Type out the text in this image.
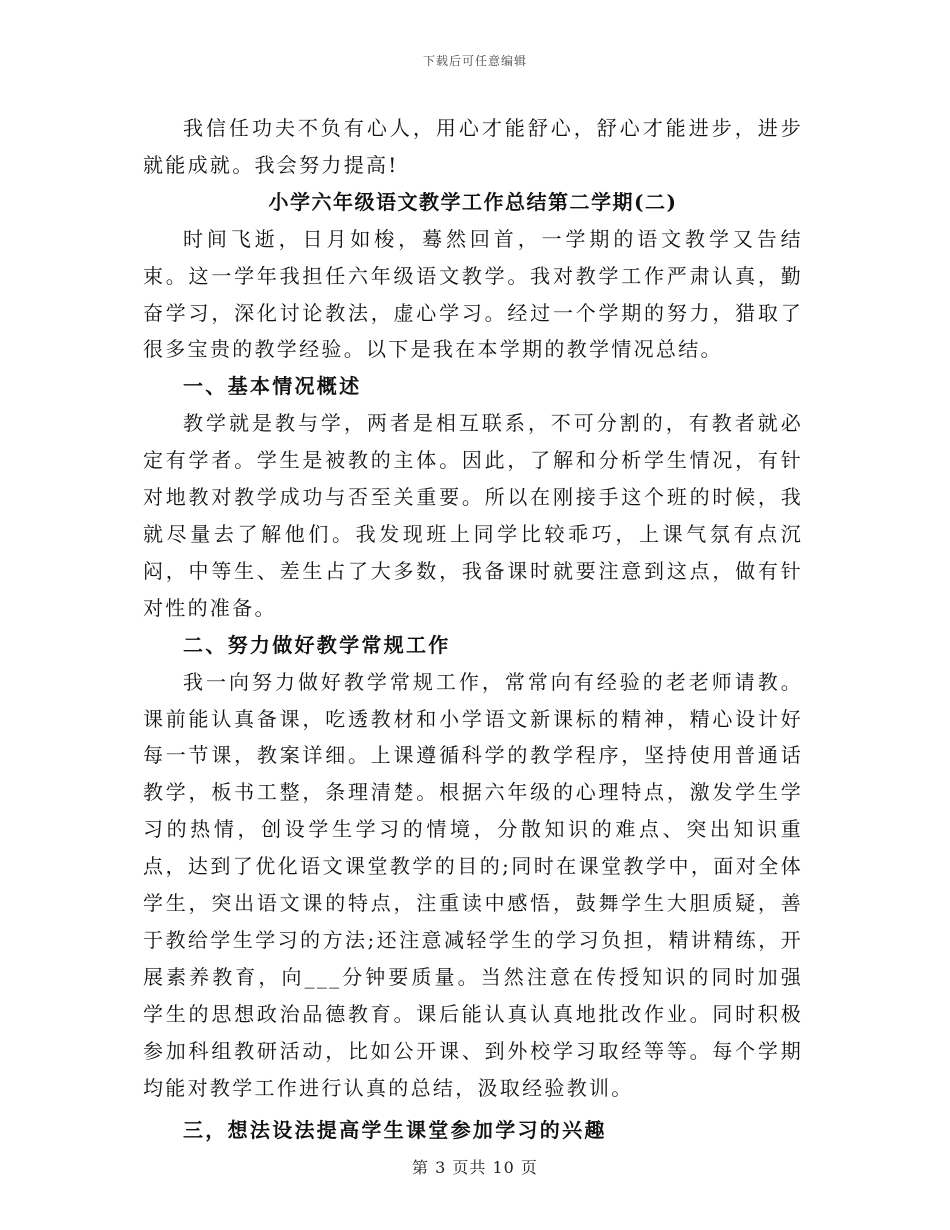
下载后可任意编辑

我信任功夫不负有心人，用心才能舒心，舒心才能进步，进步就能成就。我会努力提高!

小学六年级语文教学工作总结第二学期(二)

时间飞逝，日月如梭，蓦然回首，一学期的语文教学又告结束。这一学年我担任六年级语文教学。我对教学工作严肃认真，勤奋学习，深化讨论教法，虚心学习。经过一个学期的努力，猎取了很多宝贵的教学经验。以下是我在本学期的教学情况总结。

一、基本情况概述

教学就是教与学，两者是相互联系，不可分割的，有教者就必定有学者。学生是被教的主体。因此，了解和分析学生情况，有针对地教对教学成功与否至关重要。所以在刚接手这个班的时候，我就尽量去了解他们。我发现班上同学比较乖巧，上课气氛有点沉闷，中等生、差生占了大多数，我备课时就要注意到这点，做有针对性的准备。

二、努力做好教学常规工作

我一向努力做好教学常规工作，常常向有经验的老老师请教。课前能认真备课，吃透教材和小学语文新课标的精神，精心设计好每一节课，教案详细。上课遵循科学的教学程序，坚持使用普通话教学，板书工整，条理清楚。根据六年级的心理特点，激发学生学习的热情，创设学生学习的情境，分散知识的难点、突出知识重点，达到了优化语文课堂教学的目的;同时在课堂教学中，面对全体学生，突出语文课的特点，注重读中感悟，鼓舞学生大胆质疑，善于教给学生学习的方法;还注意减轻学生的学习负担，精讲精练，开展素养教育，向___分钟要质量。当然注意在传授知识的同时加强学生的思想政治品德教育。课后能认真认真地批改作业。同时积极参加科组教研活动，比如公开课、到外校学习取经等等。每个学期均能对教学工作进行认真的总结，汲取经验教训。

三，想法设法提高学生课堂参加学习的兴趣

第 3 页共 10 页
